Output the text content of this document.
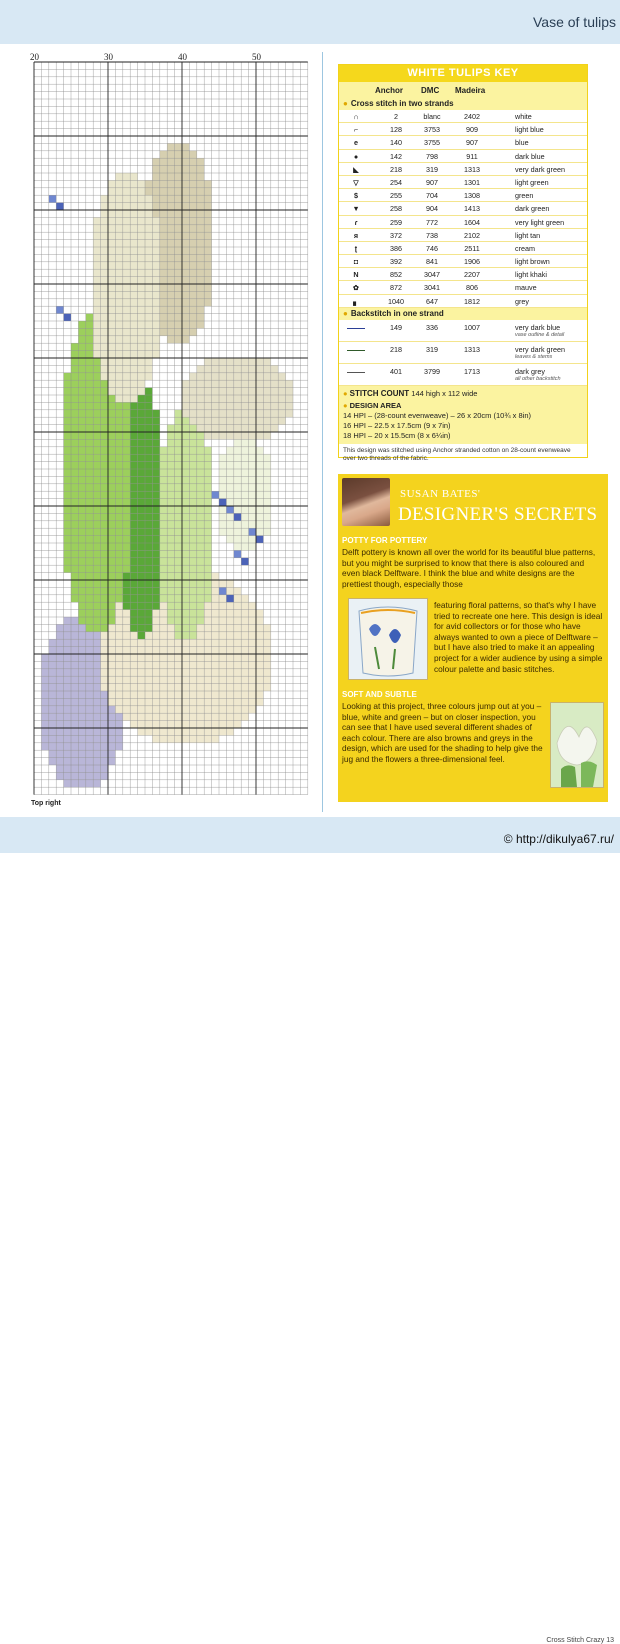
Vase of tulips
20	30	40	50
Top right
WHITE TULIPS KEY
Anchor DMC Madeira
● Cross stitch in two strands
∩	2	blanc	2402	white
⌐	128	3753	909	light blue
e	140	3755	907	blue
●	142	798	911	dark blue
◣	218	319	1313	very dark green
▽	254	907	1301	light green
$	255	704	1308	green
▼	258	904	1413	dark green
ɾ	259	772	1604	very light green
я	372	738	2102	light tan
ʈ	386	746	2511	cream
◘	392	841	1906	light brown
N	852	3047	2207	light khaki
✿	872	3041	806	mauve
▖	1040	647	1812	grey
● Backstitch in one strand
149	336	1007	very dark blue
vase outline & detail
218	319	1313	very dark green
leaves & stems
401	3799	1713	dark grey
all other backstitch
● STITCH COUNT 144 high x 112 wide
● DESIGN AREA
14 HPI – (28-count evenweave) – 26 x 20cm (10¾ x 8in)
16 HPI – 22.5 x 17.5cm (9 x 7in)
18 HPI – 20 x 15.5cm (8 x 6¼in)
This design was stitched using Anchor stranded cotton on 28-count evenweave over two threads of the fabric.
SUSAN BATES'
DESIGNER'S SECRETS
POTTY FOR POTTERY
Delft pottery is known all over the world for its beautiful blue patterns, but you might be surprised to know that there is also coloured and even black Delftware. I think the blue and white designs are the prettiest though, especially those
featuring floral patterns, so that's why I have tried to recreate one here. This design is ideal for avid collectors or for those who have always wanted to own a piece of Delftware – but I have also tried to make it an appealing project for a wider audience by using a simple colour palette and basic stitches.
SOFT AND SUBTLE
Looking at this project, three colours jump out at you – blue, white and green – but on closer inspection, you can see that I have used several different shades of each colour. There are also browns and greys in the design, which are used for the shading to help give the jug and the flowers a three-dimensional feel.
Cross Stitch Crazy 13
© http://dikulya67.ru/
